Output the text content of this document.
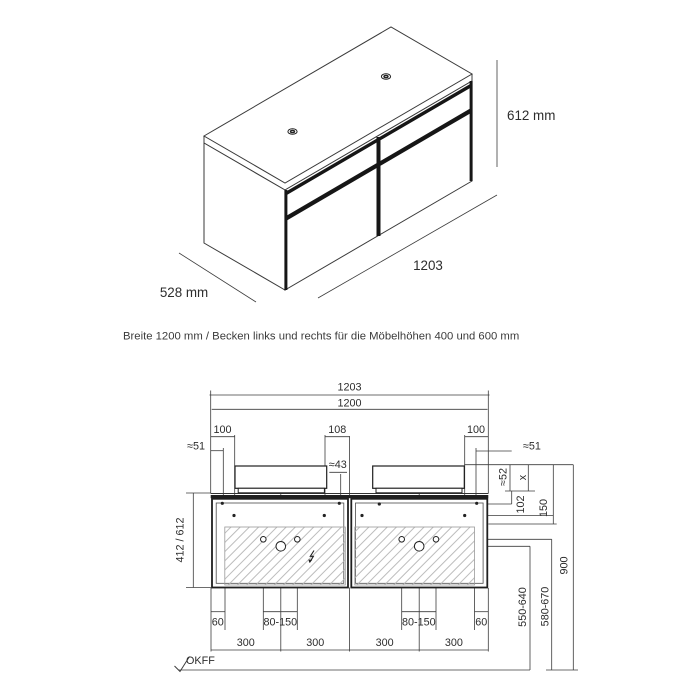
612 mm
1203
528 mm
Breite 1200 mm / Becken links und rechts für die Möbelhöhen 400 und 600 mm
1203
1200
100	108	100
≈51	≈51
≈43
≈52 x
102 150
412 / 612
550-640 580-670
900
60	80-150	80-150	60
300	300	300	300
OKFF
